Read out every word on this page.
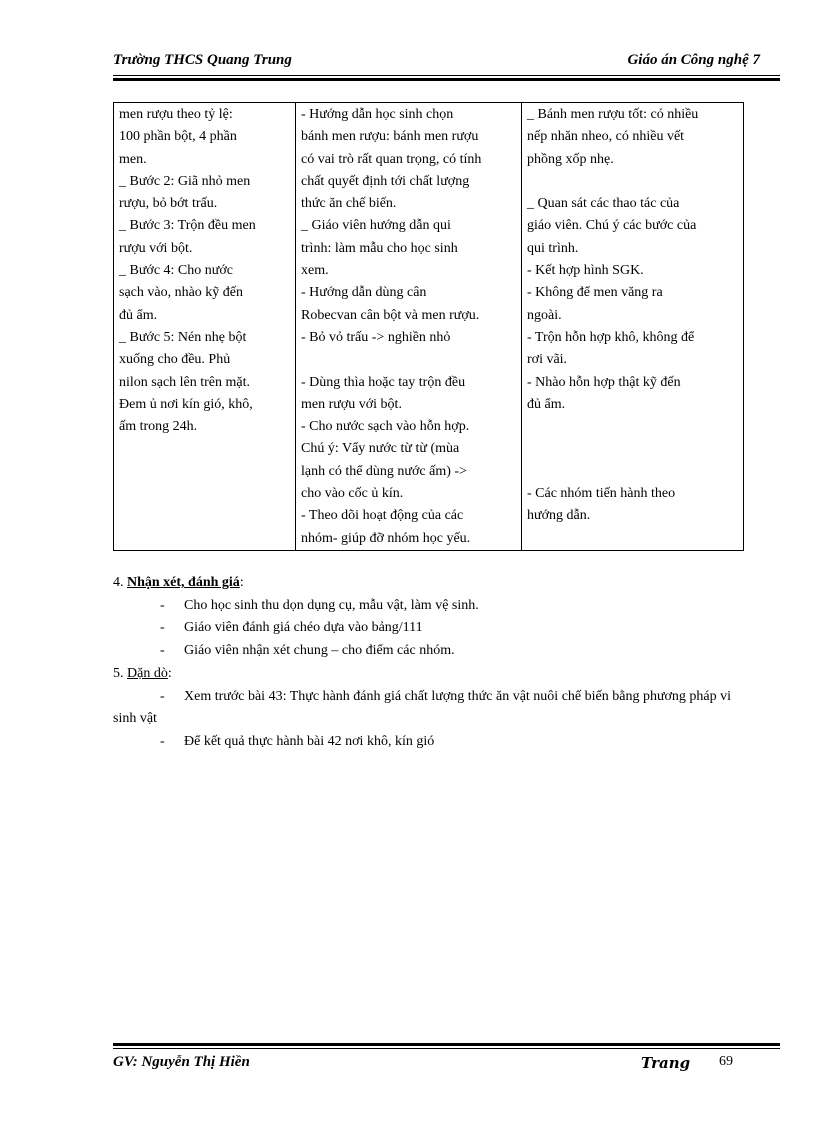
Trường THCS Quang Trung	Giáo án Công nghệ 7
men rượu theo tỷ lệ:
100 phần bột, 4 phần
men.
_ Bước 2: Giã nhỏ men
rượu, bỏ bớt trấu.
_ Bước 3: Trộn đều men
rượu với bột.
_ Bước 4: Cho nước
sạch vào, nhào kỹ đến
đủ ẩm.
_ Bước 5: Nén nhẹ bột
xuống cho đều. Phủ
nilon sạch lên trên mặt.
Đem ủ nơi kín gió, khô,
ấm trong 24h.

- Hướng dẫn học sinh chọn
bánh men rượu: bánh men rượu
có vai trò rất quan trọng, có tính
chất quyết định tới chất lượng
thức ăn chế biến.
_ Giáo viên hướng dẫn qui
trình: làm mẫu cho học sinh
xem.
- Hướng dẫn dùng cân
Robecvan cân bột và men rượu.
- Bỏ vỏ trấu -> nghiền nhỏ
- Dùng thìa hoặc tay trộn đều
men rượu với bột.
- Cho nước sạch vào hỗn hợp.
Chú ý: Vẩy nước từ từ (mùa
lạnh có thể dùng nước ấm) ->
cho vào cốc ủ kín.
- Theo dõi hoạt động của các
nhóm- giúp đỡ nhóm học yếu.

_ Bánh men rượu tốt: có nhiều
nếp nhăn nheo, có nhiều vết
phồng xốp nhẹ.
_ Quan sát các thao tác của
giáo viên. Chú ý các bước của
qui trình.
- Kết hợp hình SGK.
- Không để men văng ra
ngoài.
- Trộn hỗn hợp khô, không để
rơi vãi.
- Nhào hỗn hợp thật kỹ đến
đủ ẩm.
- Các nhóm tiến hành theo
hướng dẫn.
4. Nhận xét, đánh giá:
- Cho học sinh thu dọn dụng cụ, mẫu vật, làm vệ sinh.
- Giáo viên đánh giá chéo dựa vào bảng/111
- Giáo viên nhận xét chung – cho điểm các nhóm.
5. Dặn dò:
- Xem trước bài 43: Thực hành đánh giá chất lượng thức ăn vật nuôi chế biến bằng phương pháp vi sinh vật
- Để kết quả thực hành bài 42 nơi khô, kín gió
GV: Nguyễn Thị Hiền	Trang 69
